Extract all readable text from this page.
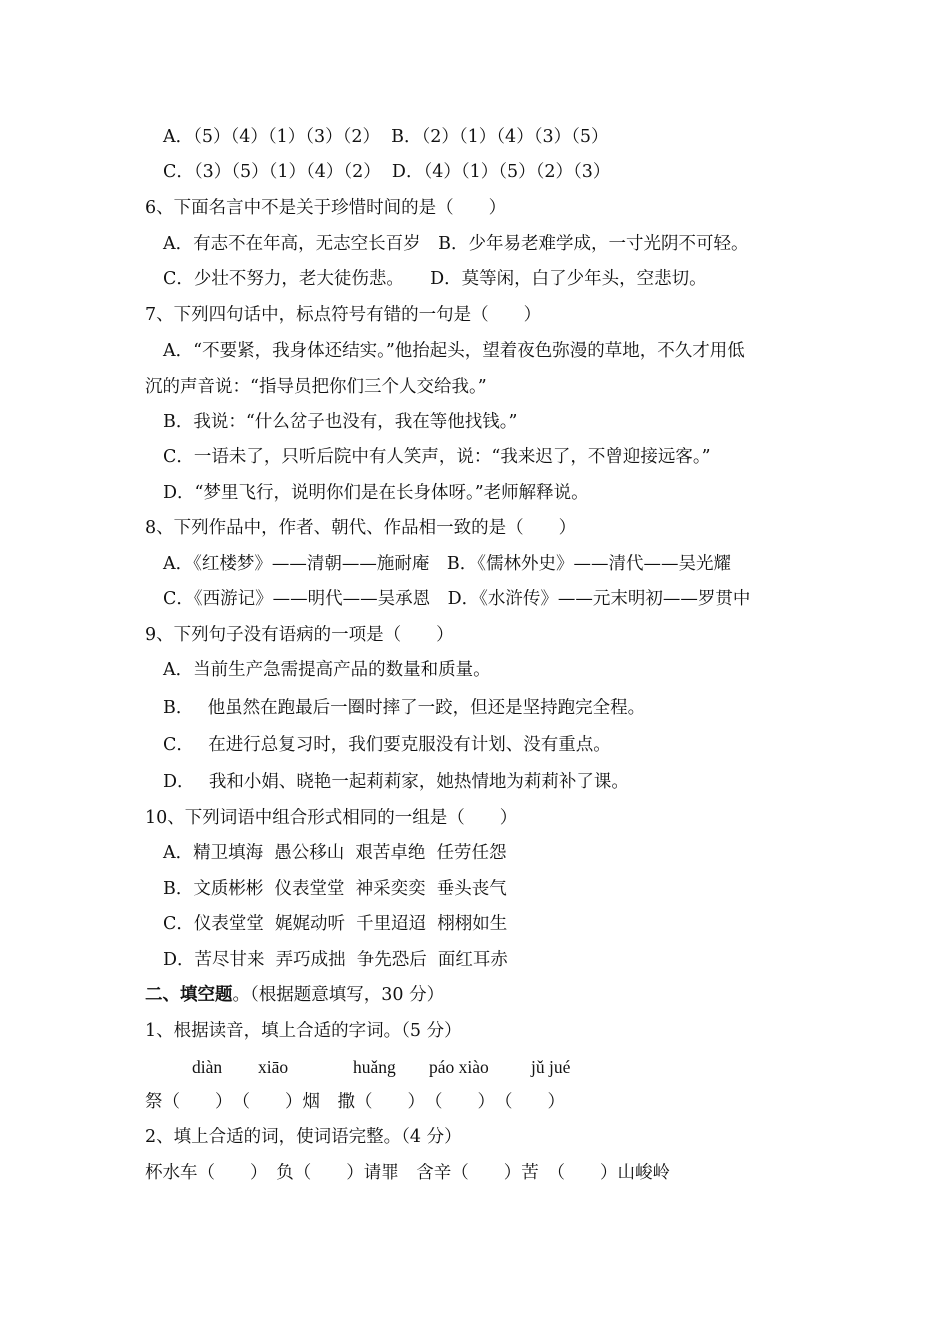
A．（5）（4）（1）（3）（2）  B．（2）（1）（4）（3）（5）
C．（3）（5）（1）（4）（2）  D．（4）（1）（5）（2）（3）
6、下面名言中不是关于珍惜时间的是（　　）
A．有志不在年高，无志空长百岁　B．少年易老难学成，一寸光阴不可轻。
C．少壮不努力，老大徒伤悲。　　D．莫等闲，白了少年头，空悲切。
7、下列四句话中，标点符号有错的一句是（　　）
A．“不要紧，我身体还结实。”他抬起头，望着夜色弥漫的草地，不久才用低
沉的声音说：“指导员把你们三个人交给我。”
B．我说：“什么岔子也没有，我在等他找钱。”
C．一语未了，只听后院中有人笑声，说：“我来迟了，不曾迎接远客。”
D．“梦里飞行，说明你们是在长身体呀。”老师解释说。
8、下列作品中，作者、朝代、作品相一致的是（　　）
A．《红楼梦》——清朝——施耐庵　B．《儒林外史》——清代——吴光耀
C．《西游记》——明代——吴承恩　D．《水浒传》——元末明初——罗贯中
9、下列句子没有语病的一项是（　　）
A．当前生产急需提高产品的数量和质量。
B．　 他虽然在跑最后一圈时摔了一跤，但还是坚持跑完全程。
C．　 在进行总复习时，我们要克服没有计划、没有重点。
D．　 我和小娟、晓艳一起莉莉家，她热情地为莉莉补了课。
10、下列词语中组合形式相同的一组是（　　）
A．精卫填海  愚公移山  艰苦卓绝  任劳任怨
B．文质彬彬  仪表堂堂  神采奕奕  垂头丧气
C．仪表堂堂  娓娓动听  千里迢迢  栩栩如生
D．苦尽甘来  弄巧成拙  争先恐后  面红耳赤
二、填空题。（根据题意填写，30 分）
1、根据读音，填上合适的字词。（5 分）
diàn xiāo	huǎng páo xiào jǔ jué
祭（　　）　（　　）烟　撒（　　）　（　　）　（　　）
2、填上合适的词，使词语完整。（4 分）
杯水车（　　）　负（　　）请罪　含辛（　　）苦　（　　）山峻岭
